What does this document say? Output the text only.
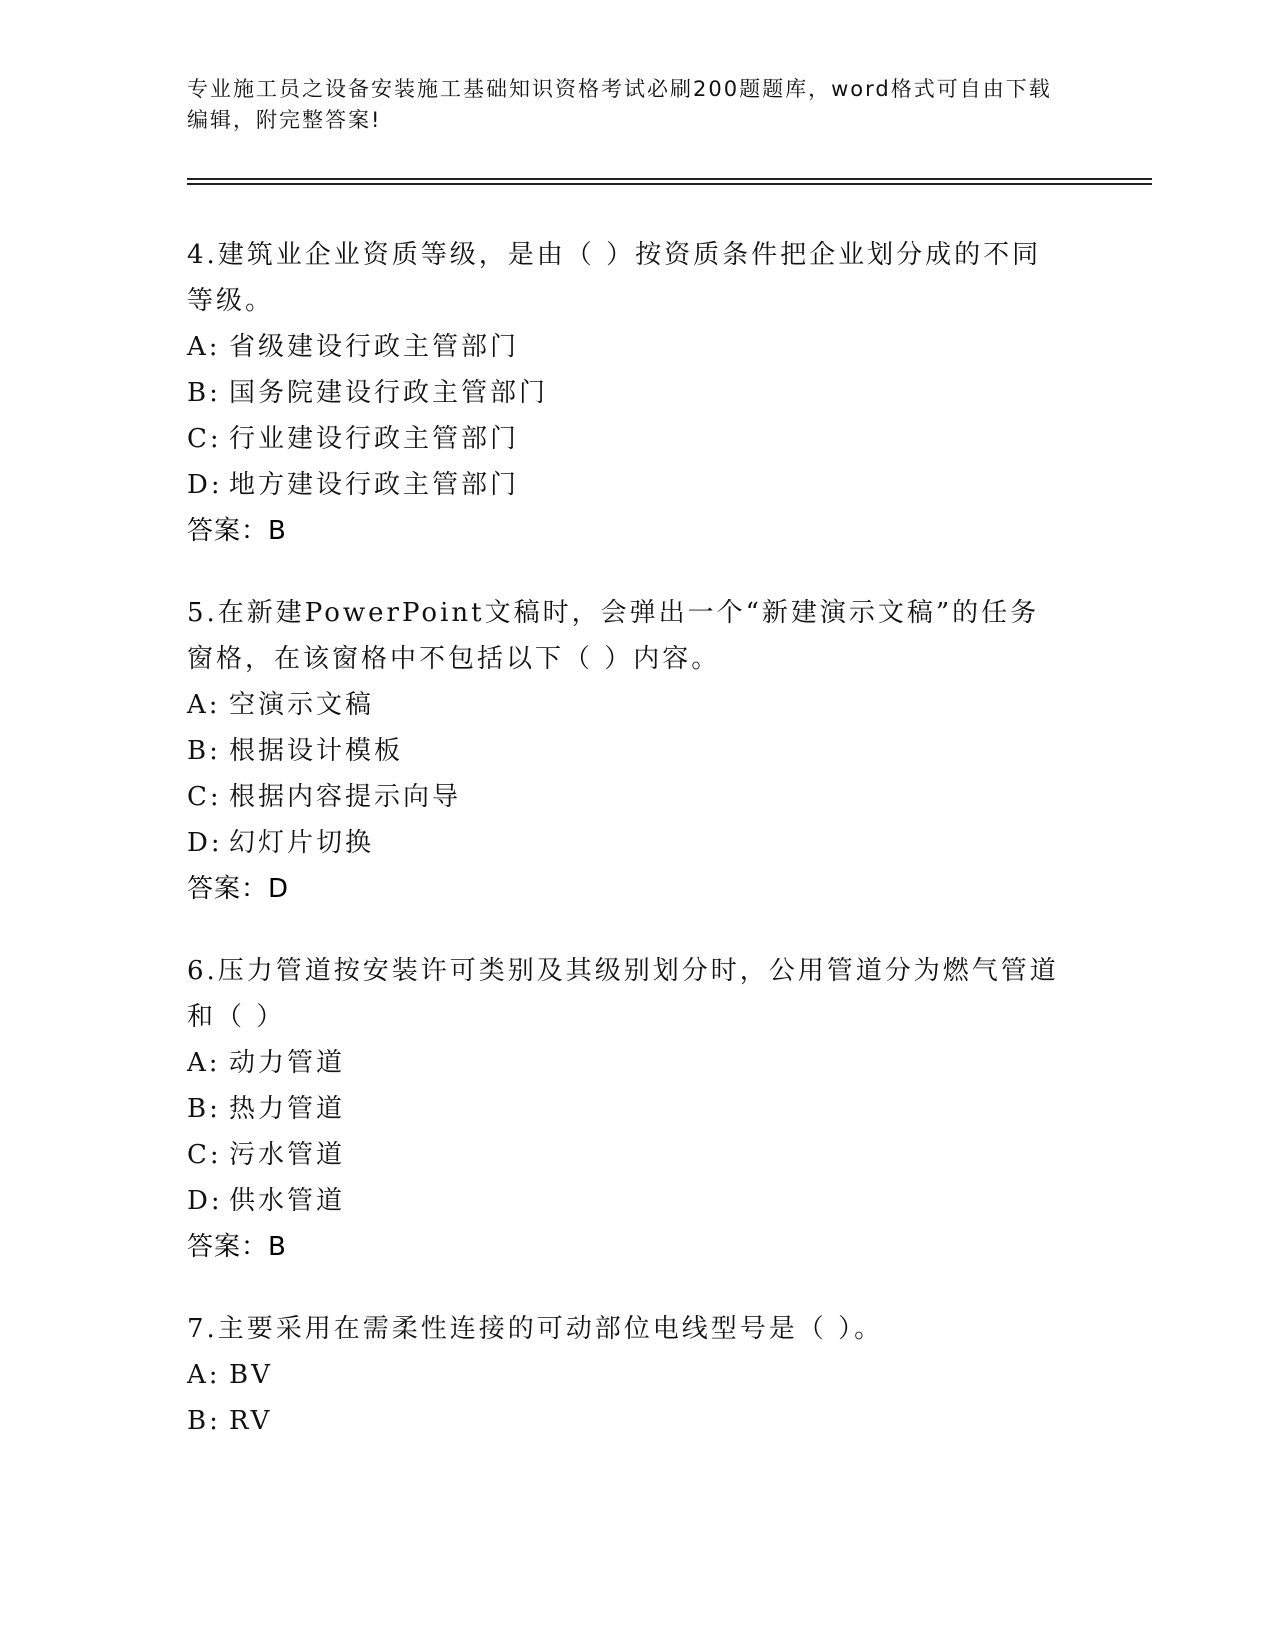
专业施工员之设备安装施工基础知识资格考试必刷200题题库，word格式可自由下载编辑，附完整答案!

4.建筑业企业资质等级，是由（ ）按资质条件把企业划分成的不同等级。

A: 省级建设行政主管部门

B: 国务院建设行政主管部门

C: 行业建设行政主管部门

D: 地方建设行政主管部门

答案：B

5.在新建PowerPoint文稿时，会弹出一个“新建演示文稿”的任务窗格，在该窗格中不包括以下（ ）内容。

A: 空演示文稿

B: 根据设计模板

C: 根据内容提示向导

D: 幻灯片切换

答案：D

6.压力管道按安装许可类别及其级别划分时，公用管道分为燃气管道和（ ）

A: 动力管道

B: 热力管道

C: 污水管道

D: 供水管道

答案：B

7.主要采用在需柔性连接的可动部位电线型号是（ ）。

A: BV

B: RV
